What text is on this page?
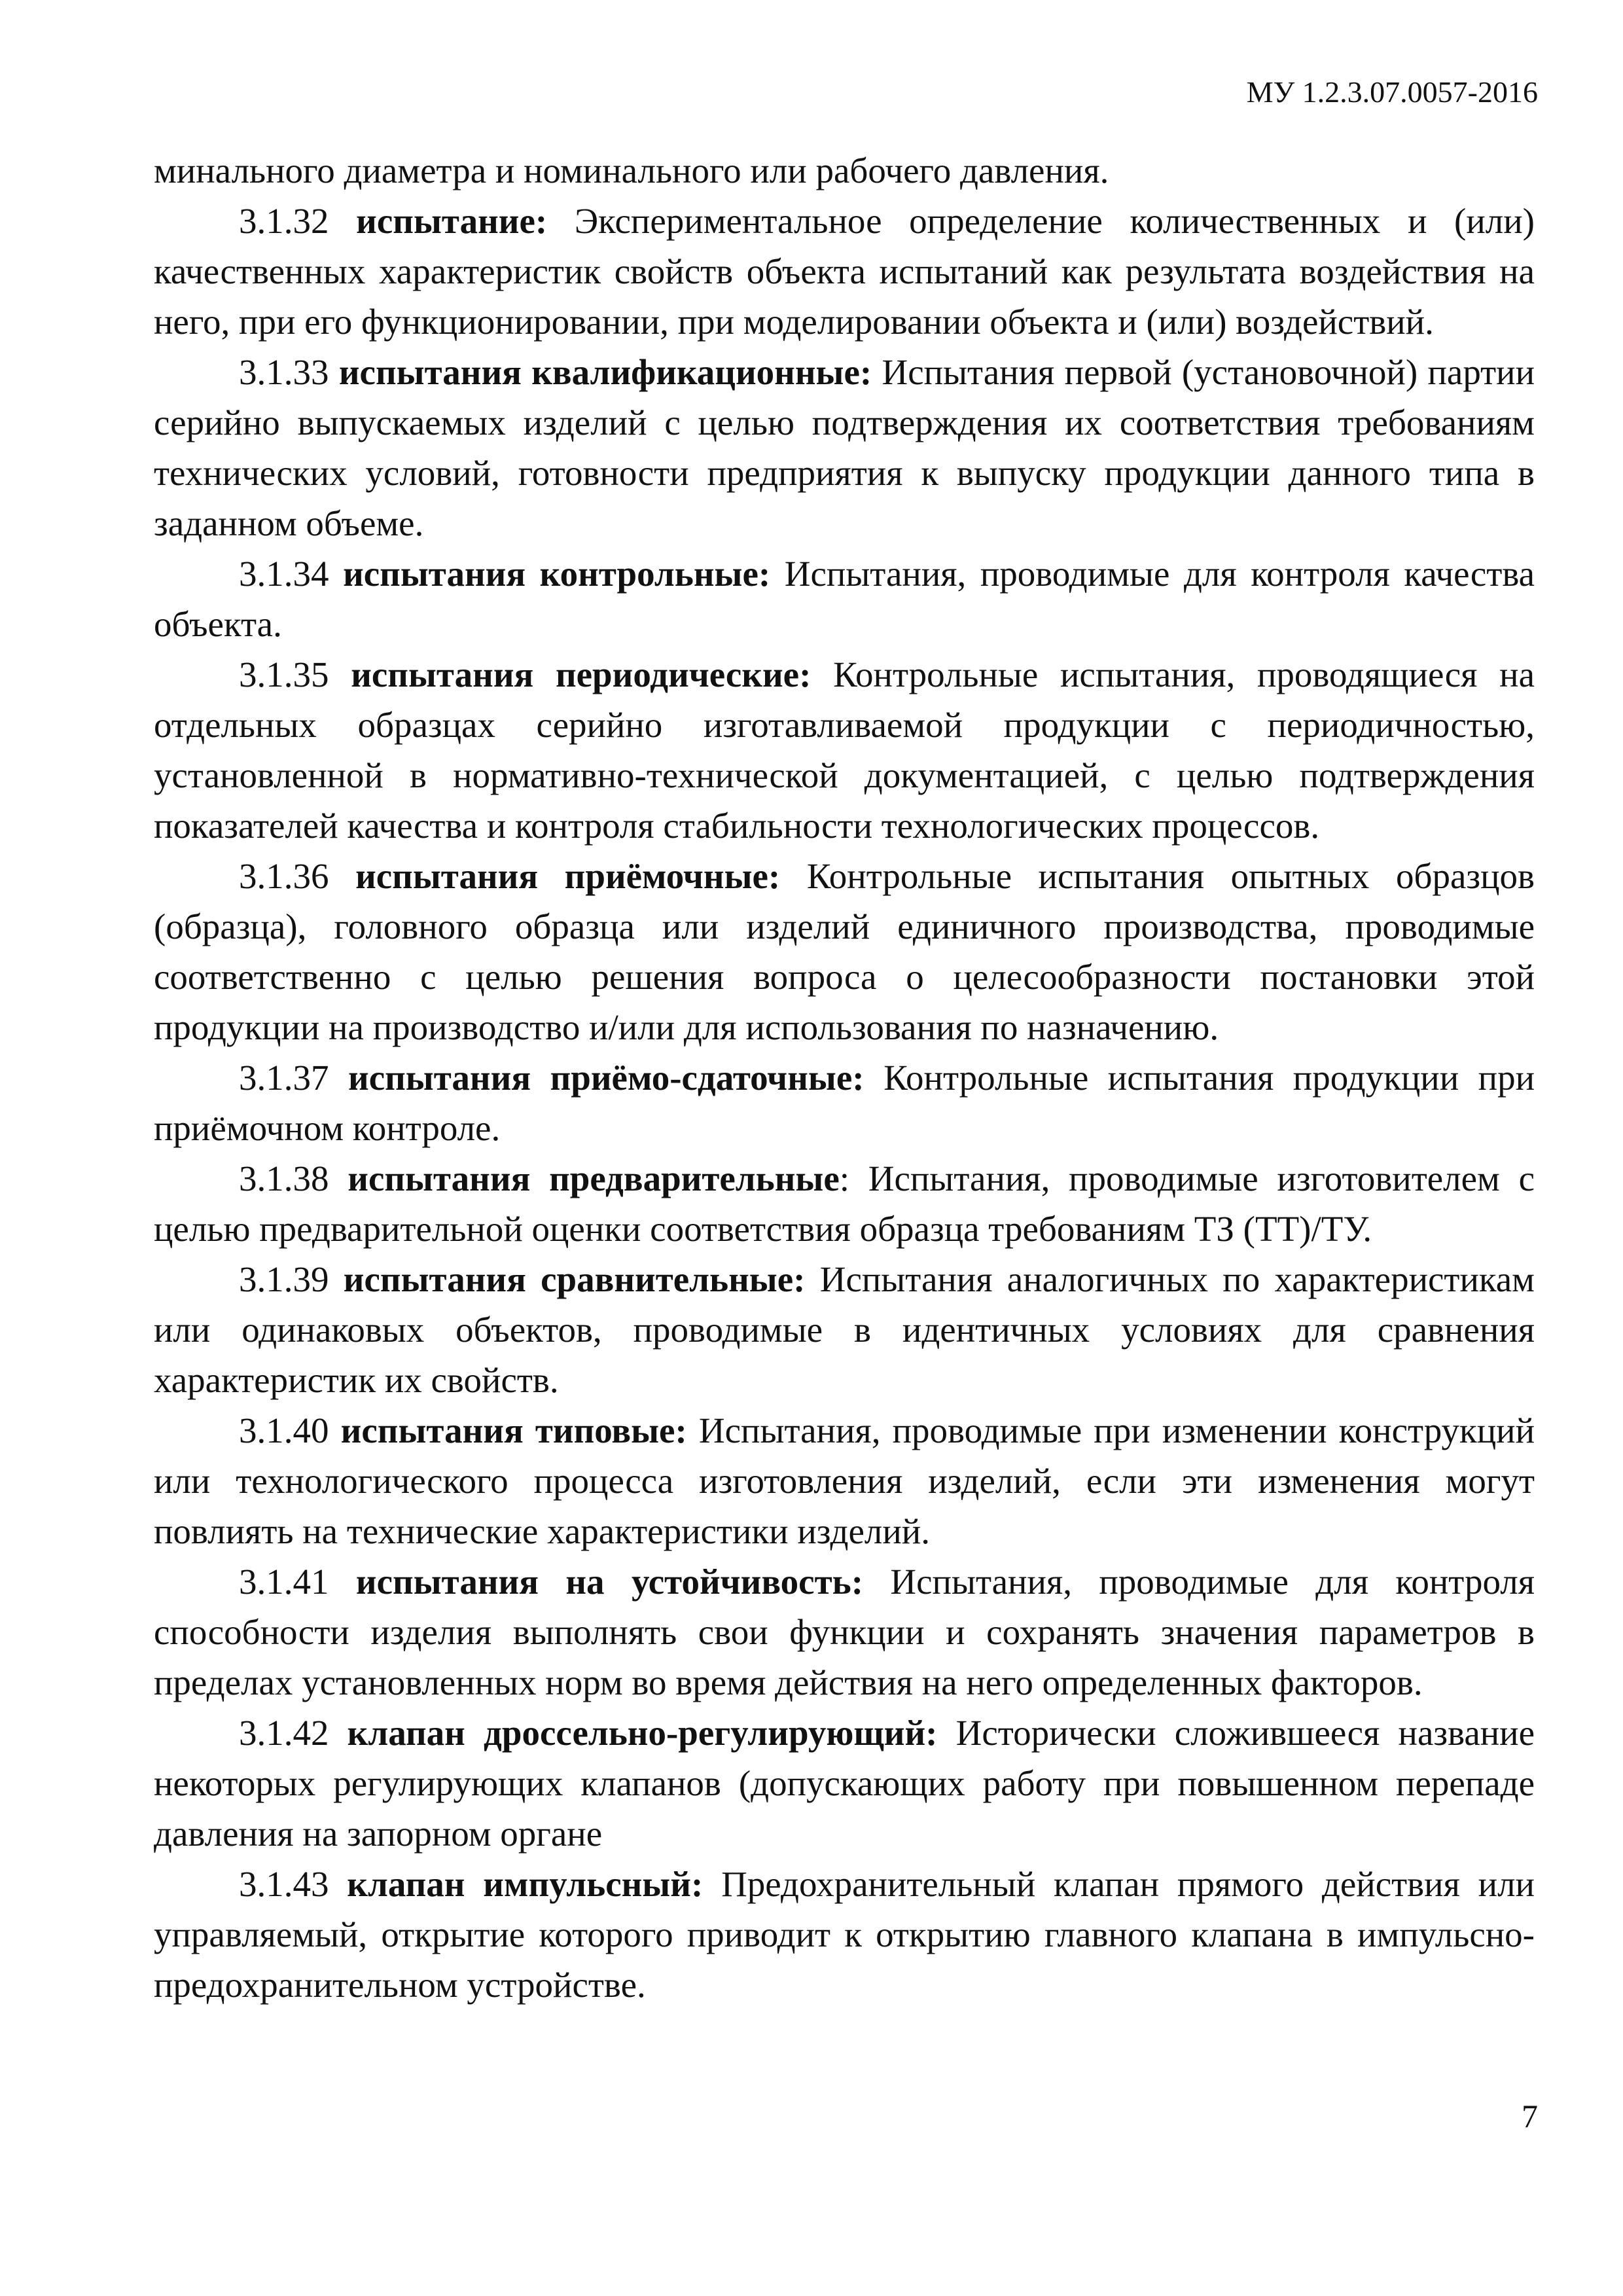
МУ 1.2.3.07.0057-2016

минального диаметра и номинального или рабочего давления.

3.1.32 испытание: Экспериментальное определение количественных и (или) качественных характеристик свойств объекта испытаний как результата воздействия на него, при его функционировании, при моделировании объекта и (или) воздействий.

3.1.33 испытания квалификационные: Испытания первой (установочной) партии серийно выпускаемых изделий с целью подтверждения их соответствия требованиям технических условий, готовности предприятия к выпуску продукции данного типа в заданном объеме.

3.1.34 испытания контрольные: Испытания, проводимые для контроля качества объекта.

3.1.35 испытания периодические: Контрольные испытания, проводящиеся на отдельных образцах серийно изготавливаемой продукции с периодичностью, установленной в нормативно-технической документацией, с целью подтверждения показателей качества и контроля стабильности технологических процессов.

3.1.36 испытания приёмочные: Контрольные испытания опытных образцов (образца), головного образца или изделий единичного производства, проводимые соответственно с целью решения вопроса о целесообразности постановки этой продукции на производство и/или для использования по назначению.

3.1.37 испытания приёмо-сдаточные: Контрольные испытания продукции при приёмочном контроле.

3.1.38 испытания предварительные: Испытания, проводимые изготовителем с целью предварительной оценки соответствия образца требованиям ТЗ (ТТ)/ТУ.

3.1.39 испытания сравнительные: Испытания аналогичных по характеристикам или одинаковых объектов, проводимые в идентичных условиях для сравнения характеристик их свойств.

3.1.40 испытания типовые: Испытания, проводимые при изменении конструкций или технологического процесса изготовления изделий, если эти изменения могут повлиять на технические характеристики изделий.

3.1.41 испытания на устойчивость: Испытания, проводимые для контроля способности изделия выполнять свои функции и сохранять значения параметров в пределах установленных норм во время действия на него определенных факторов.

3.1.42 клапан дроссельно-регулирующий: Исторически сложившееся название некоторых регулирующих клапанов (допускающих работу при повышенном перепаде давления на запорном органе

3.1.43 клапан импульсный: Предохранительный клапан прямого действия или управляемый, открытие которого приводит к открытию главного клапана в импульсно-предохранительном устройстве.

7
